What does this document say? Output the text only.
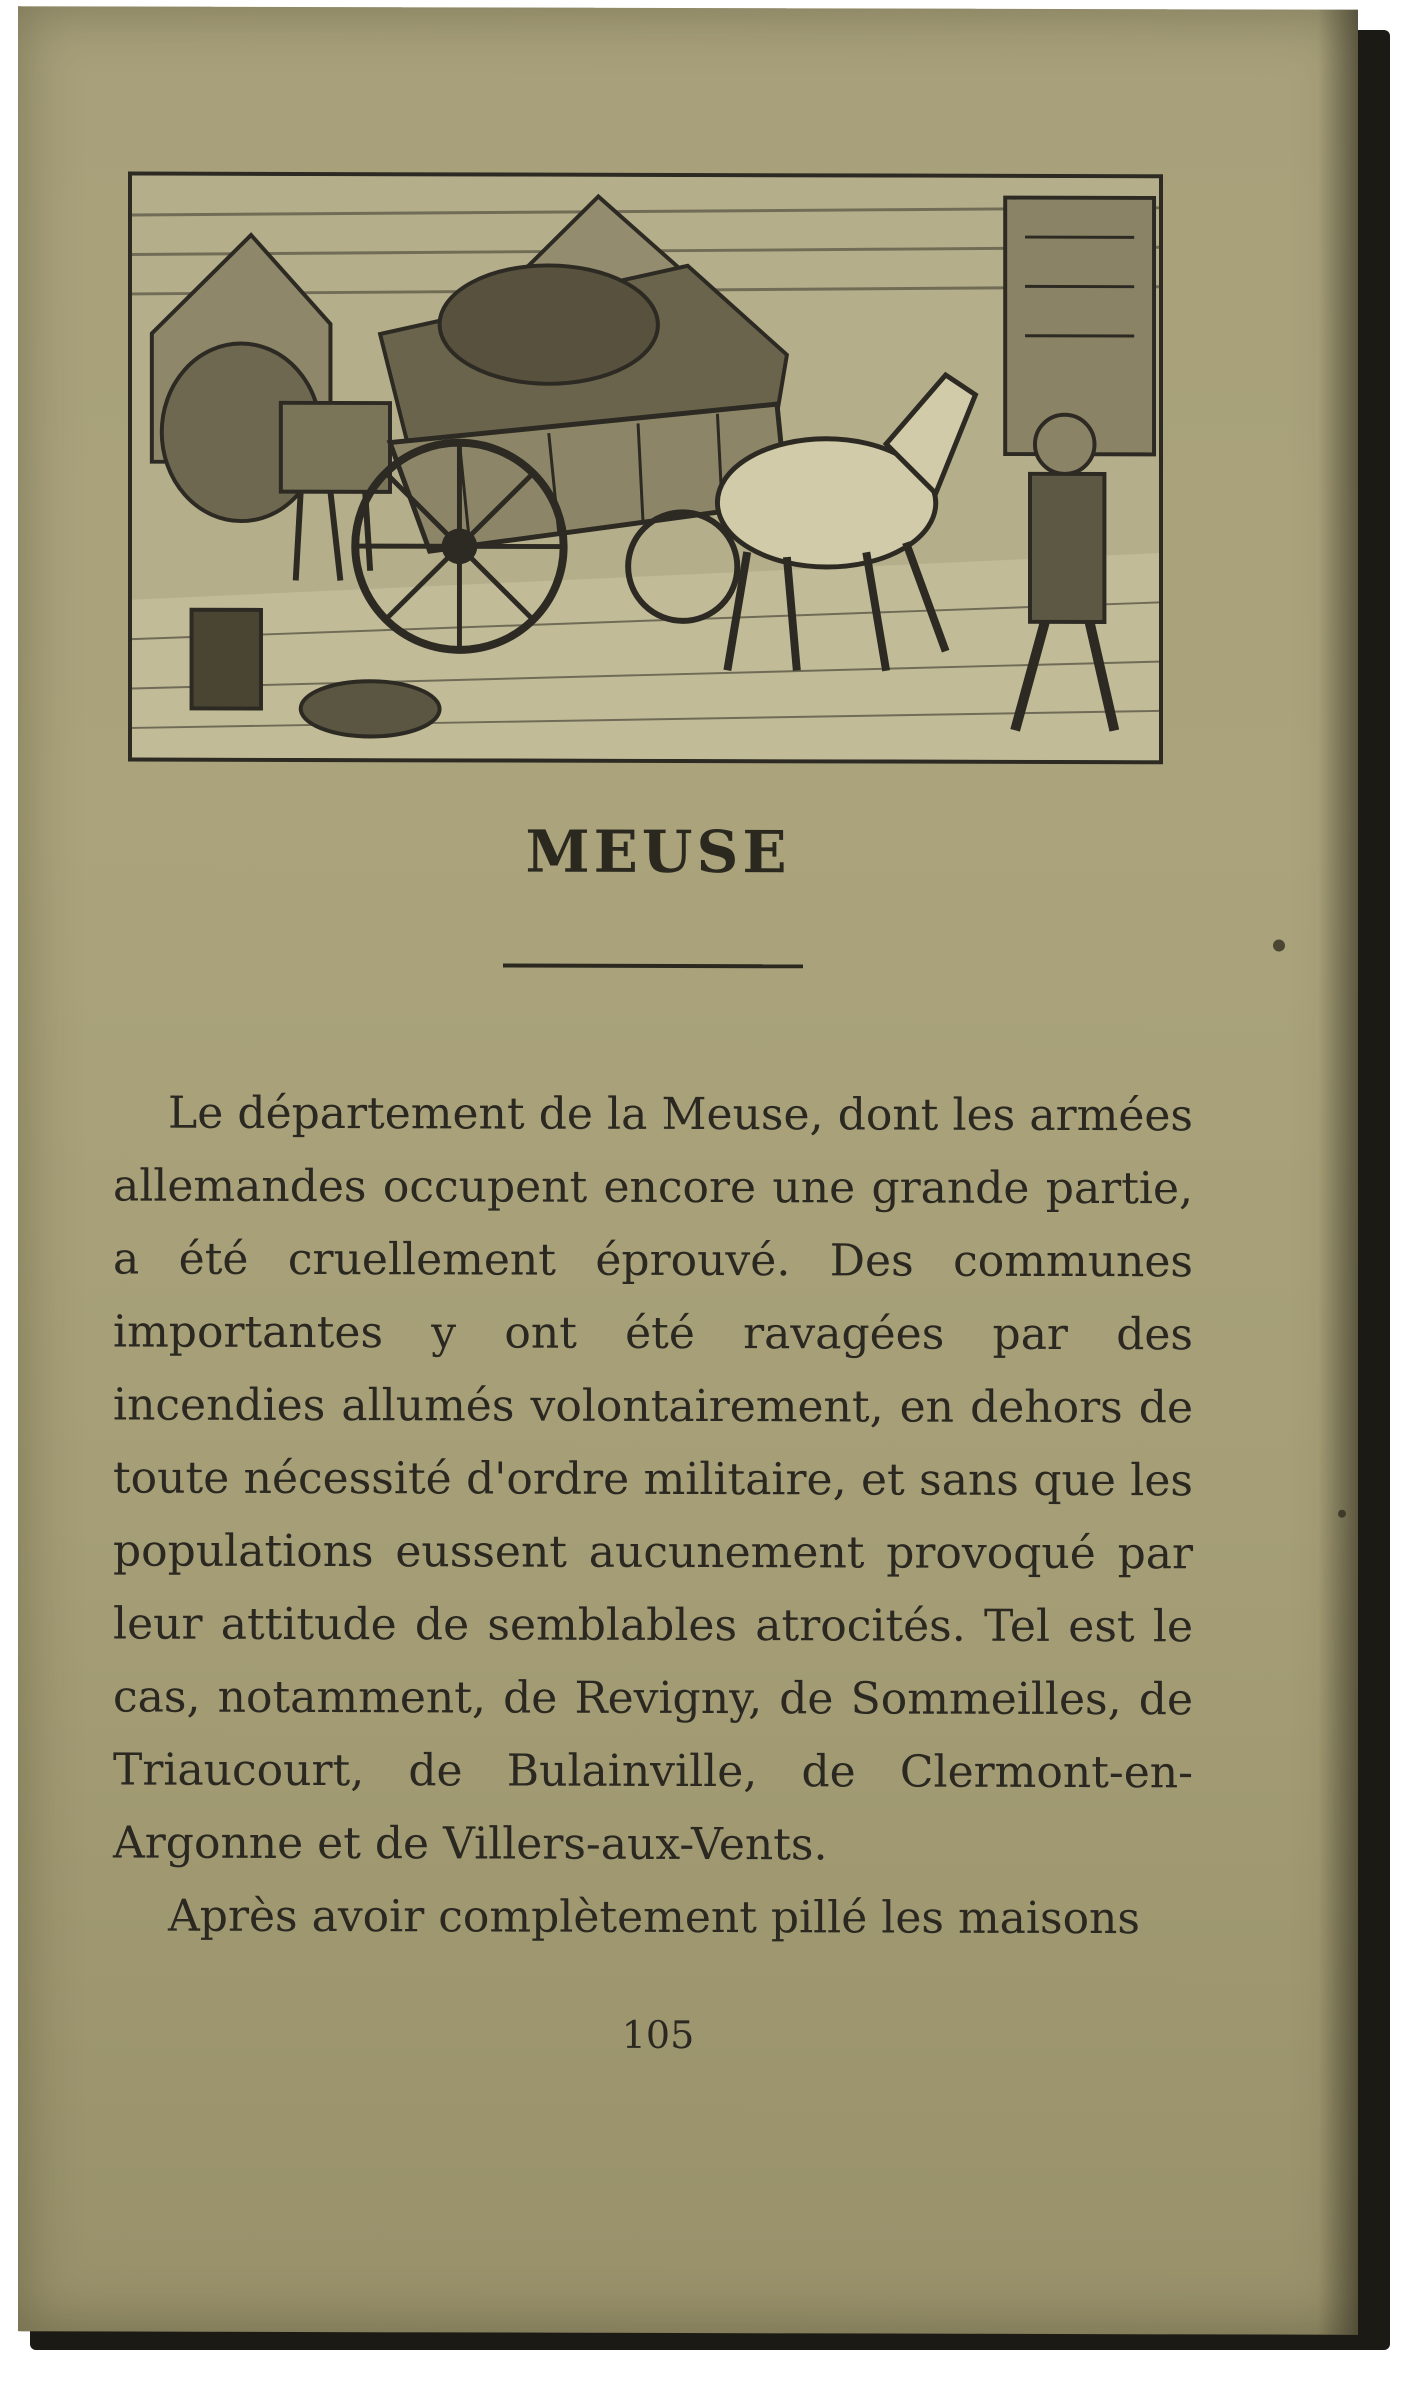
MEUSE

Le département de la Meuse, dont les armées allemandes occupent encore une grande partie, a été cruellement éprouvé. Des communes importantes y ont été ravagées par des incendies allumés volontairement, en dehors de toute nécessité d'ordre militaire, et sans que les populations eussent aucunement provoqué par leur attitude de semblables atrocités. Tel est le cas, notamment, de Revigny, de Sommeilles, de Triaucourt, de Bulainville, de Clermont-en-Argonne et de Villers-aux-Vents.

Après avoir complètement pillé les maisons

105
